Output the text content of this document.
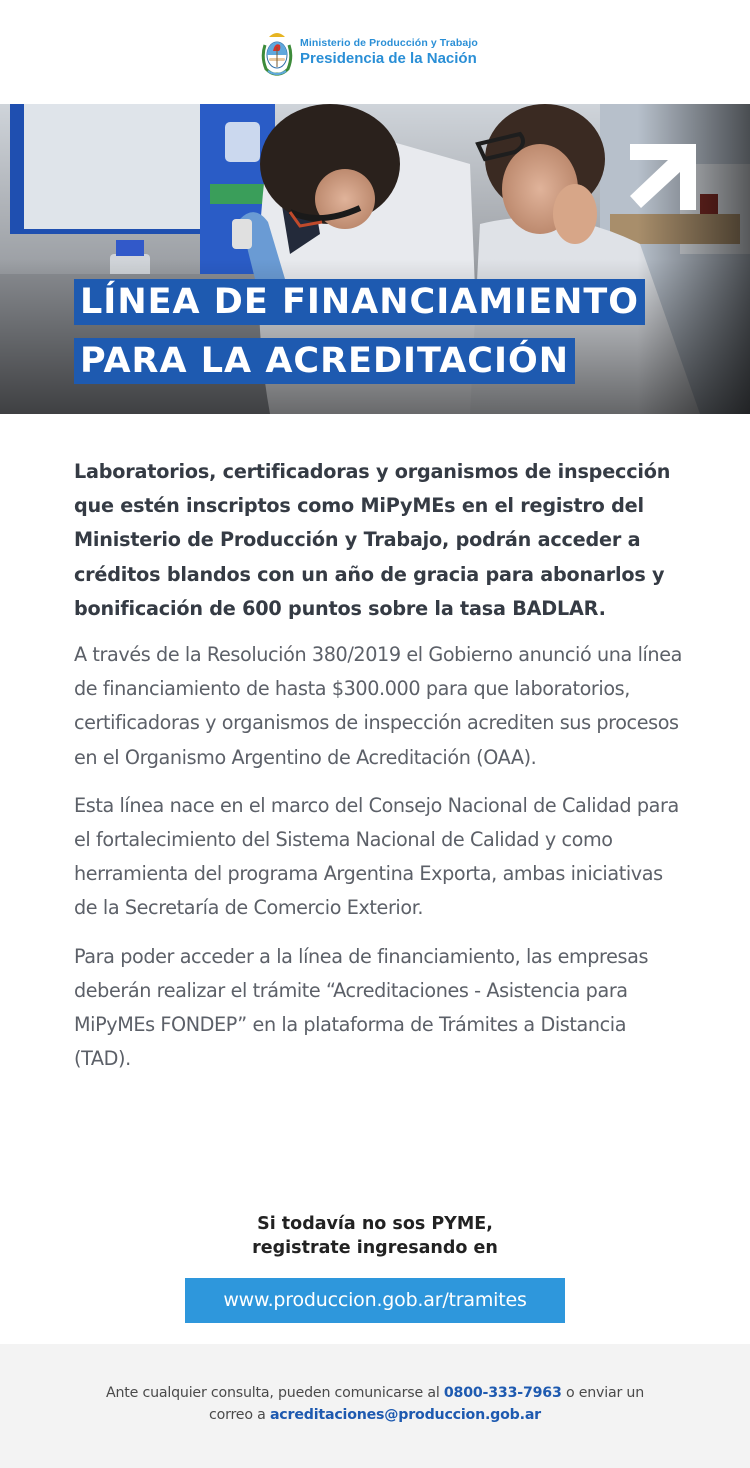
Ministerio de Producción y Trabajo
Presidencia de la Nación
LÍNEA DE FINANCIAMIENTO
PARA LA ACREDITACIÓN

Laboratorios, certificadoras y organismos de inspección que estén inscriptos como MiPyMEs en el registro del Ministerio de Producción y Trabajo, podrán acceder a créditos blandos con un año de gracia para abonarlos y bonificación de 600 puntos sobre la tasa BADLAR.

A través de la Resolución 380/2019 el Gobierno anunció una línea de financiamiento de hasta $300.000 para que laboratorios, certificadoras y organismos de inspección acrediten sus procesos en el Organismo Argentino de Acreditación (OAA).

Esta línea nace en el marco del Consejo Nacional de Calidad para el fortalecimiento del Sistema Nacional de Calidad y como herramienta del programa Argentina Exporta, ambas iniciativas de la Secretaría de Comercio Exterior.

Para poder acceder a la línea de financiamiento, las empresas deberán realizar el trámite “Acreditaciones - Asistencia para MiPyMEs FONDEP” en la plataforma de Trámites a Distancia (TAD).

Si todavía no sos PYME,
registrate ingresando en
www.produccion.gob.ar/tramites
Ante cualquier consulta, pueden comunicarse al 0800-333-7963 o enviar un
correo a acreditaciones@produccion.gob.ar
